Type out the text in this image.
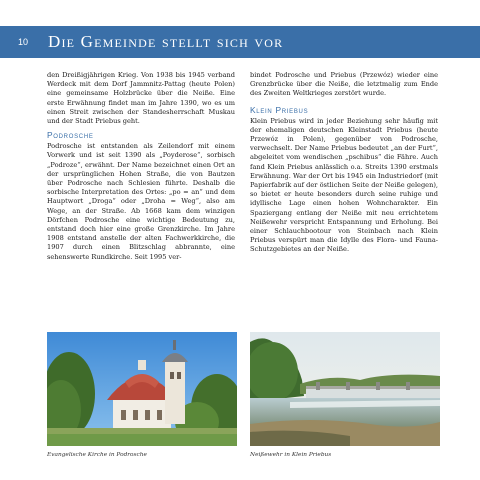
10 Die Gemeinde stellt sich vor

den Dreißigjährigen Krieg. Von 1938 bis 1945 verband Werdeck mit dem Dorf Jammnitz-Pattag (heute Polen) eine gemeinsame Holzbrücke über die Neiße. Eine erste Erwähnung findet man im Jahre 1390, wo es um einen Streit zwischen der Standesherrschaft Muskau und der Stadt Priebus geht.

Podrosche

Podrosche ist entstanden als Zeilendorf mit einem Vorwerk und ist seit 1390 als „Poyderose“, sorbisch „Podroze“, erwähnt. Der Name bezeichnet einen Ort an der ursprünglichen Hohen Straße, die von Bautzen über Podrosche nach Schlesien führte. Deshalb die sorbische Interpretation des Ortes: „po = an“ und dem Hauptwort „Droga“ oder „Droha = Weg“, also am Wege, an der Straße. Ab 1668 kam dem winzigen Dörfchen Podrosche eine wichtige Bedeutung zu, entstand doch hier eine große Grenzkirche. Im Jahre 1908 entstand anstelle der alten Fachwerkkirche, die 1907 durch einen Blitzschlag abbrannte, eine sehenswerte Rundkirche. Seit 1995 ver-

bindet Podrosche und Priebus (Przewóz) wieder eine Grenzbrücke über die Neiße, die letztmalig zum Ende des Zweiten Weltkrieges zerstört wurde.

Klein Priebus

Klein Priebus wird in jeder Beziehung sehr häufig mit der ehemaligen deutschen Kleinstadt Priebus (heute Przewóz in Polen), gegenüber von Podrosche, verwechselt. Der Name Priebus bedeutet „an der Furt“, abgeleitet vom wendischen „pschibus“ die Fähre. Auch fand Klein Priebus anlässlich o.a. Streits 1390 erstmals Erwähnung. War der Ort bis 1945 ein Industriedorf (mit Papierfabrik auf der östlichen Seite der Neiße gelegen), so bietet er heute besonders durch seine ruhige und idyllische Lage einen hohen Wohncharakter. Ein Spaziergang entlang der Neiße mit neu errichtetem Neißewehr verspricht Entspannung und Erholung. Bei einer Schlauchbootour von Steinbach nach Klein Priebus verspürt man die Idylle des Flora- und Fauna-Schutzgebietes an der Neiße.

Evangelische Kirche in Podrosche	Neißewehr in Klein Priebus
